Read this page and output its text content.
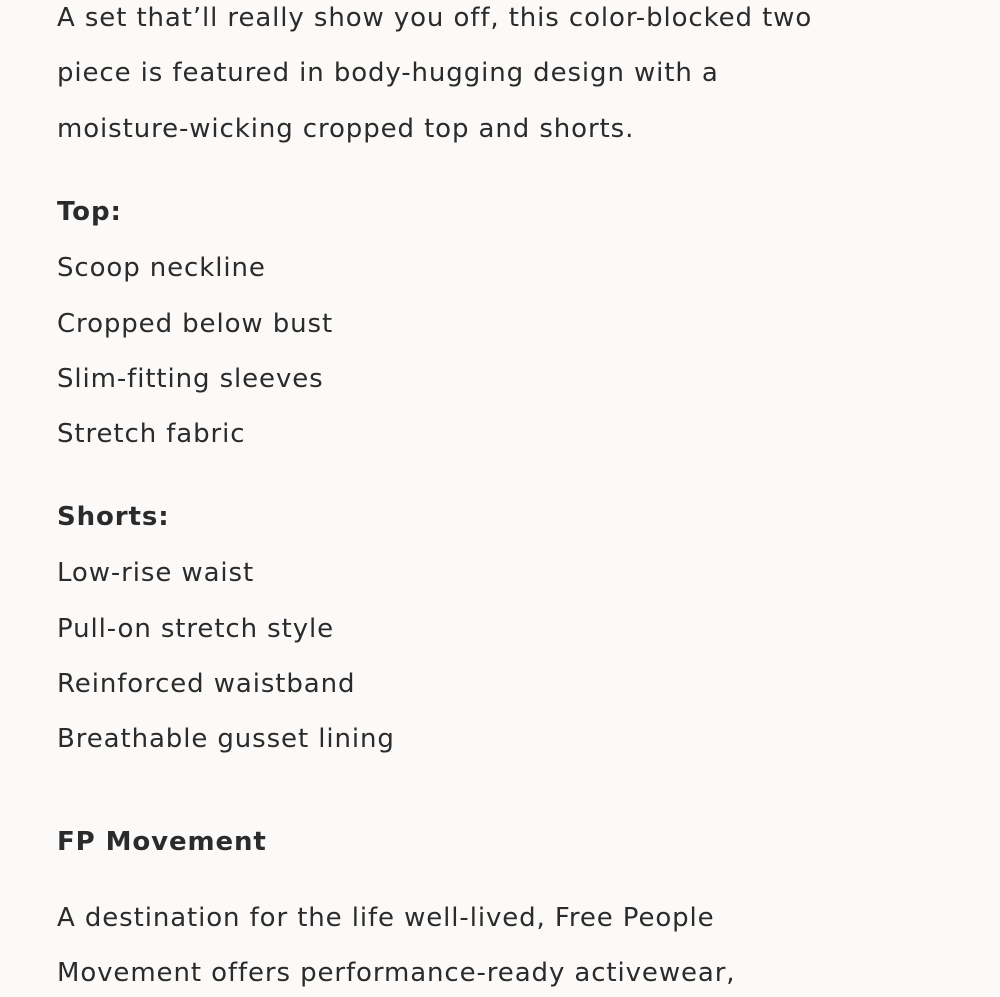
A set that’ll really show you off, this color-blocked two
piece is featured in body-hugging design with a
moisture-wicking cropped top and shorts.
Top:
Scoop neckline
Cropped below bust
Slim-fitting sleeves
Stretch fabric
Shorts:
Low-rise waist
Pull-on stretch style
Reinforced waistband
Breathable gusset lining
FP Movement
A destination for the life well-lived, Free People
Movement offers performance-ready activewear,
